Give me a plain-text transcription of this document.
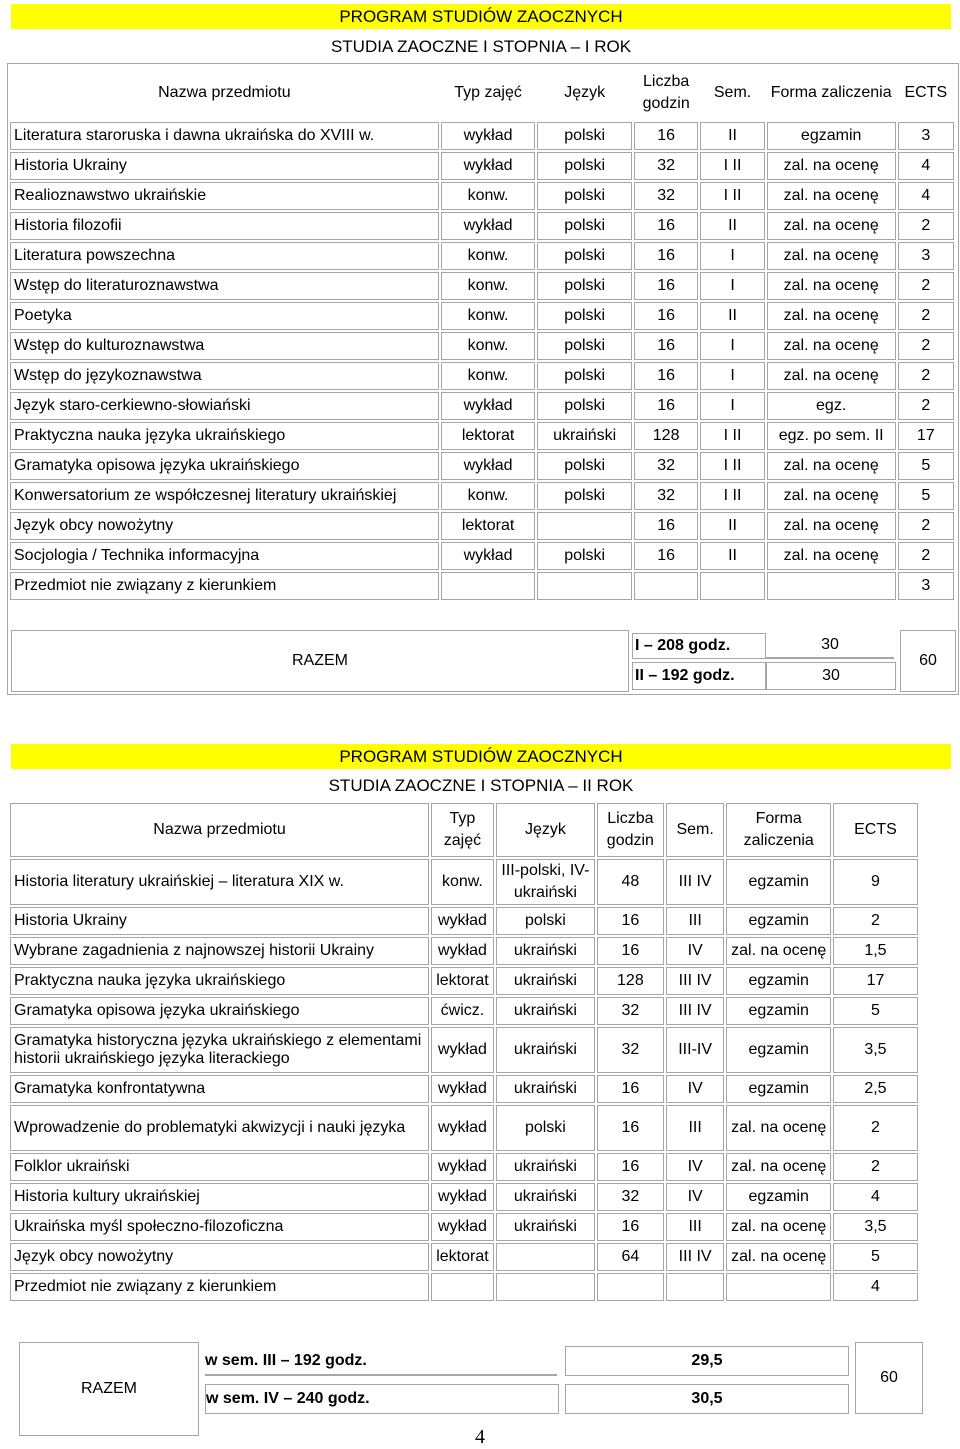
PROGRAM STUDIÓW ZAOCZNYCH
STUDIA ZAOCZNE I STOPNIA – I ROK
Nazwa przedmiotu	Typ zajęć	Język	Liczba godzin	Sem.	Forma zaliczenia	ECTS
Literatura staroruska i dawna ukraińska do XVIII w.	wykład	polski	16	II	egzamin	3
Historia Ukrainy	wykład	polski	32	I II	zal. na ocenę	4
Realioznawstwo ukraińskie	konw.	polski	32	I II	zal. na ocenę	4
Historia filozofii	wykład	polski	16	II	zal. na ocenę	2
Literatura powszechna	konw.	polski	16	I	zal. na ocenę	3
Wstęp do literaturoznawstwa	konw.	polski	16	I	zal. na ocenę	2
Poetyka	konw.	polski	16	II	zal. na ocenę	2
Wstęp do kulturoznawstwa	konw.	polski	16	I	zal. na ocenę	2
Wstęp do językoznawstwa	konw.	polski	16	I	zal. na ocenę	2
Język staro-cerkiewno-słowiański	wykład	polski	16	I	egz.	2
Praktyczna nauka języka ukraińskiego	lektorat	ukraiński	128	I II	egz. po sem. II	17
Gramatyka opisowa języka ukraińskiego	wykład	polski	32	I II	zal. na ocenę	5
Konwersatorium ze współczesnej literatury ukraińskiej	konw.	polski	32	I II	zal. na ocenę	5
Język obcy nowożytny	lektorat		16	II	zal. na ocenę	2
Socjologia / Technika informacyjna	wykład	polski	16	II	zal. na ocenę	2
Przedmiot nie związany z kierunkiem						3
RAZEM
I – 208 godz.	30
II – 192 godz.	30
60
PROGRAM STUDIÓW ZAOCZNYCH
STUDIA ZAOCZNE I STOPNIA – II ROK
Nazwa przedmiotu	Typ zajęć	Język	Liczba godzin	Sem.	Forma zaliczenia	ECTS
Historia literatury ukraińskiej – literatura XIX w.	konw.	III-polski, IV-ukraiński	48	III IV	egzamin	9
Historia Ukrainy	wykład	polski	16	III	egzamin	2
Wybrane zagadnienia z najnowszej historii Ukrainy	wykład	ukraiński	16	IV	zal. na ocenę	1,5
Praktyczna nauka języka ukraińskiego	lektorat	ukraiński	128	III IV	egzamin	17
Gramatyka opisowa języka ukraińskiego	ćwicz.	ukraiński	32	III IV	egzamin	5
Gramatyka historyczna języka ukraińskiego z elementami historii ukraińskiego języka literackiego	wykład	ukraiński	32	III-IV	egzamin	3,5
Gramatyka konfrontatywna	wykład	ukraiński	16	IV	egzamin	2,5
Wprowadzenie do problematyki akwizycji i nauki języka	wykład	polski	16	III	zal. na ocenę	2
Folklor ukraiński	wykład	ukraiński	16	IV	zal. na ocenę	2
Historia kultury ukraińskiej	wykład	ukraiński	32	IV	egzamin	4
Ukraińska myśl społeczno-filozoficzna	wykład	ukraiński	16	III	zal. na ocenę	3,5
Język obcy nowożytny	lektorat		64	III IV	zal. na ocenę	5
Przedmiot nie związany z kierunkiem						4
RAZEM
w sem. III – 192 godz.	29,5
w sem. IV – 240 godz.	30,5
60
4
